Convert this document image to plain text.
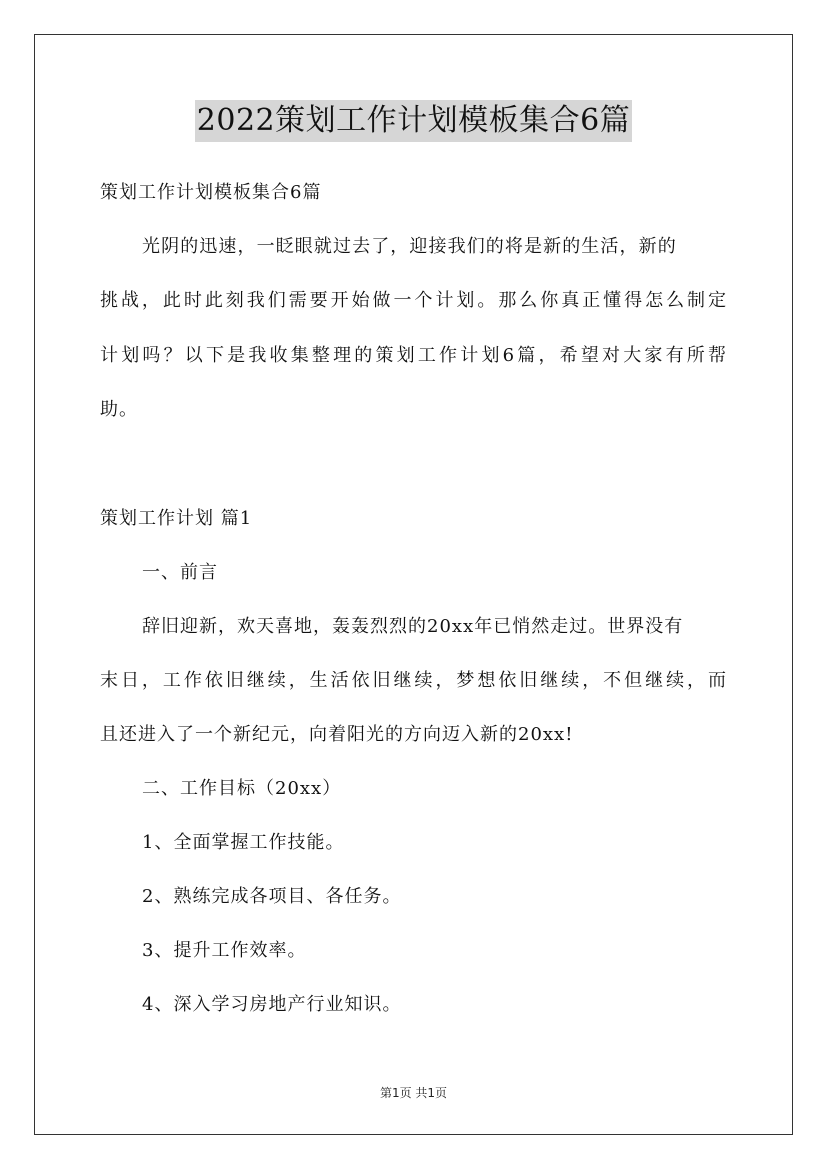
2022策划工作计划模板集合6篇
策划工作计划模板集合6篇
光阴的迅速，一眨眼就过去了，迎接我们的将是新的生活，新的
挑战，此时此刻我们需要开始做一个计划。那么你真正懂得怎么制定
计划吗？以下是我收集整理的策划工作计划6篇，希望对大家有所帮
助。
策划工作计划 篇1
一、前言
辞旧迎新，欢天喜地，轰轰烈烈的20xx年已悄然走过。世界没有
末日，工作依旧继续，生活依旧继续，梦想依旧继续，不但继续，而
且还进入了一个新纪元，向着阳光的方向迈入新的20xx!
二、工作目标（20xx）
1、全面掌握工作技能。
2、熟练完成各项目、各任务。
3、提升工作效率。
4、深入学习房地产行业知识。
第1页 共1页
